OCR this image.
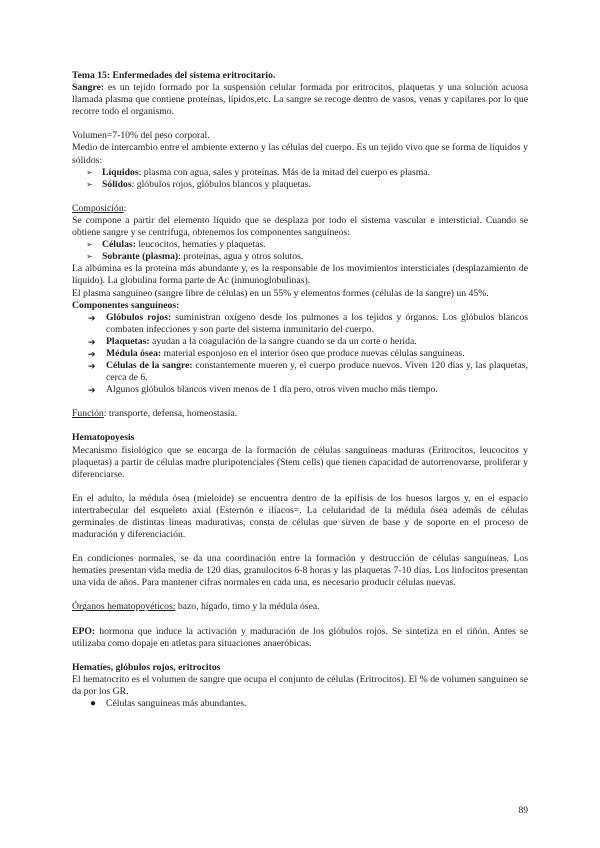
Tema 15: Enfermedades del sistema eritrocitario.

Sangre: es un tejido formado por la suspensión celular formada por eritrocitos, plaquetas y una solución acuosa llamada plasma que contiene proteínas, lípidos,etc. La sangre se recoge dentro de vasos, venas y capilares por lo que recorre todo el organismo.

Volumen=7-10% del peso corporal.

Medio de intercambio entre el ambiente externo y las células del cuerpo. Es un tejido vivo que se forma de líquidos y sólidos:

➢ Líquidos: plasma con agua, sales y proteínas. Más de la mitad del cuerpo es plasma.
➢ Sólidos: glóbulos rojos, glóbulos blancos y plaquetas.

Composición:

Se compone a partir del elemento líquido que se desplaza por todo el sistema vascular e intersticial. Cuando se obtiene sangre y se centrifuga, obtenemos los componentes sanguíneos:

➢ Células: leucocitos, hematíes y plaquetas.
➢ Sobrante (plasma): proteínas, agua y otros solutos.

La albúmina es la proteína más abundante y, es la responsable de los movimientos intersticiales (desplazamiento de líquido). La globulina forma parte de Ac (inmunoglobulinas).

El plasma sanguíneo (sangre libre de células) en un 55% y elementos formes (células de la sangre) un 45%.

Componentes sanguíneos:

➔ Glóbulos rojos: suministran oxígeno desde los pulmones a los tejidos y órganos. Los glóbulos blancos combaten infecciones y son parte del sistema inmunitario del cuerpo.
➔ Plaquetas: ayudan a la coagulación de la sangre cuando se da un corte o herida.
➔ Médula ósea: material esponjoso en el interior óseo que produce nuevas células sanguíneas.
➔ Células de la sangre: constantemente mueren y, el cuerpo produce nuevos. Viven 120 días y, las plaquetas, cerca de 6.
➔ Algunos glóbulos blancos viven menos de 1 día pero, otros viven mucho más tiempo.

Función: transporte, defensa, homeostasia.

Hematopoyesis

Mecanismo fisiológico que se encarga de la formación de células sanguíneas maduras (Eritrocitos, leucocitos y plaquetas) a partir de células madre pluripotenciales (Stem cells) que tienen capacidad de autorrenovarse, proliferar y diferenciarse.

En el adulto, la médula ósea (mieloide) se encuentra dentro de la epífisis de los huesos largos y, en el espacio intertrabecular del esqueleto axial (Esternón e ilíacos=. La celularidad de la médula ósea además de células germinales de distintas líneas madurativas, consta de células que sirven de base y de soporte en el proceso de maduración y diferenciación.

En condiciones normales, se da una coordinación entre la formación y destrucción de células sanguíneas. Los hematíes presentan vida media de 120 días, granulocitos 6-8 horas y las plaquetas 7-10 días. Los linfocitos presentan una vida de años. Para mantener cifras normales en cada una, es necesario producir células nuevas.

Órganos hematopoyéticos: bazo, hígado, timo y la médula ósea.

EPO: hormona que induce la activación y maduración de los glóbulos rojos. Se sintetiza en el riñón. Antes se utilizaba como dopaje en atletas para situaciones anaeróbicas.

Hematíes, glóbulos rojos, eritrocitos

El hematocrito es el volumen de sangre que ocupa el conjunto de células (Eritrocitos). El % de volumen sanguíneo se da por los GR.

● Células sanguíneas más abundantes.
89
